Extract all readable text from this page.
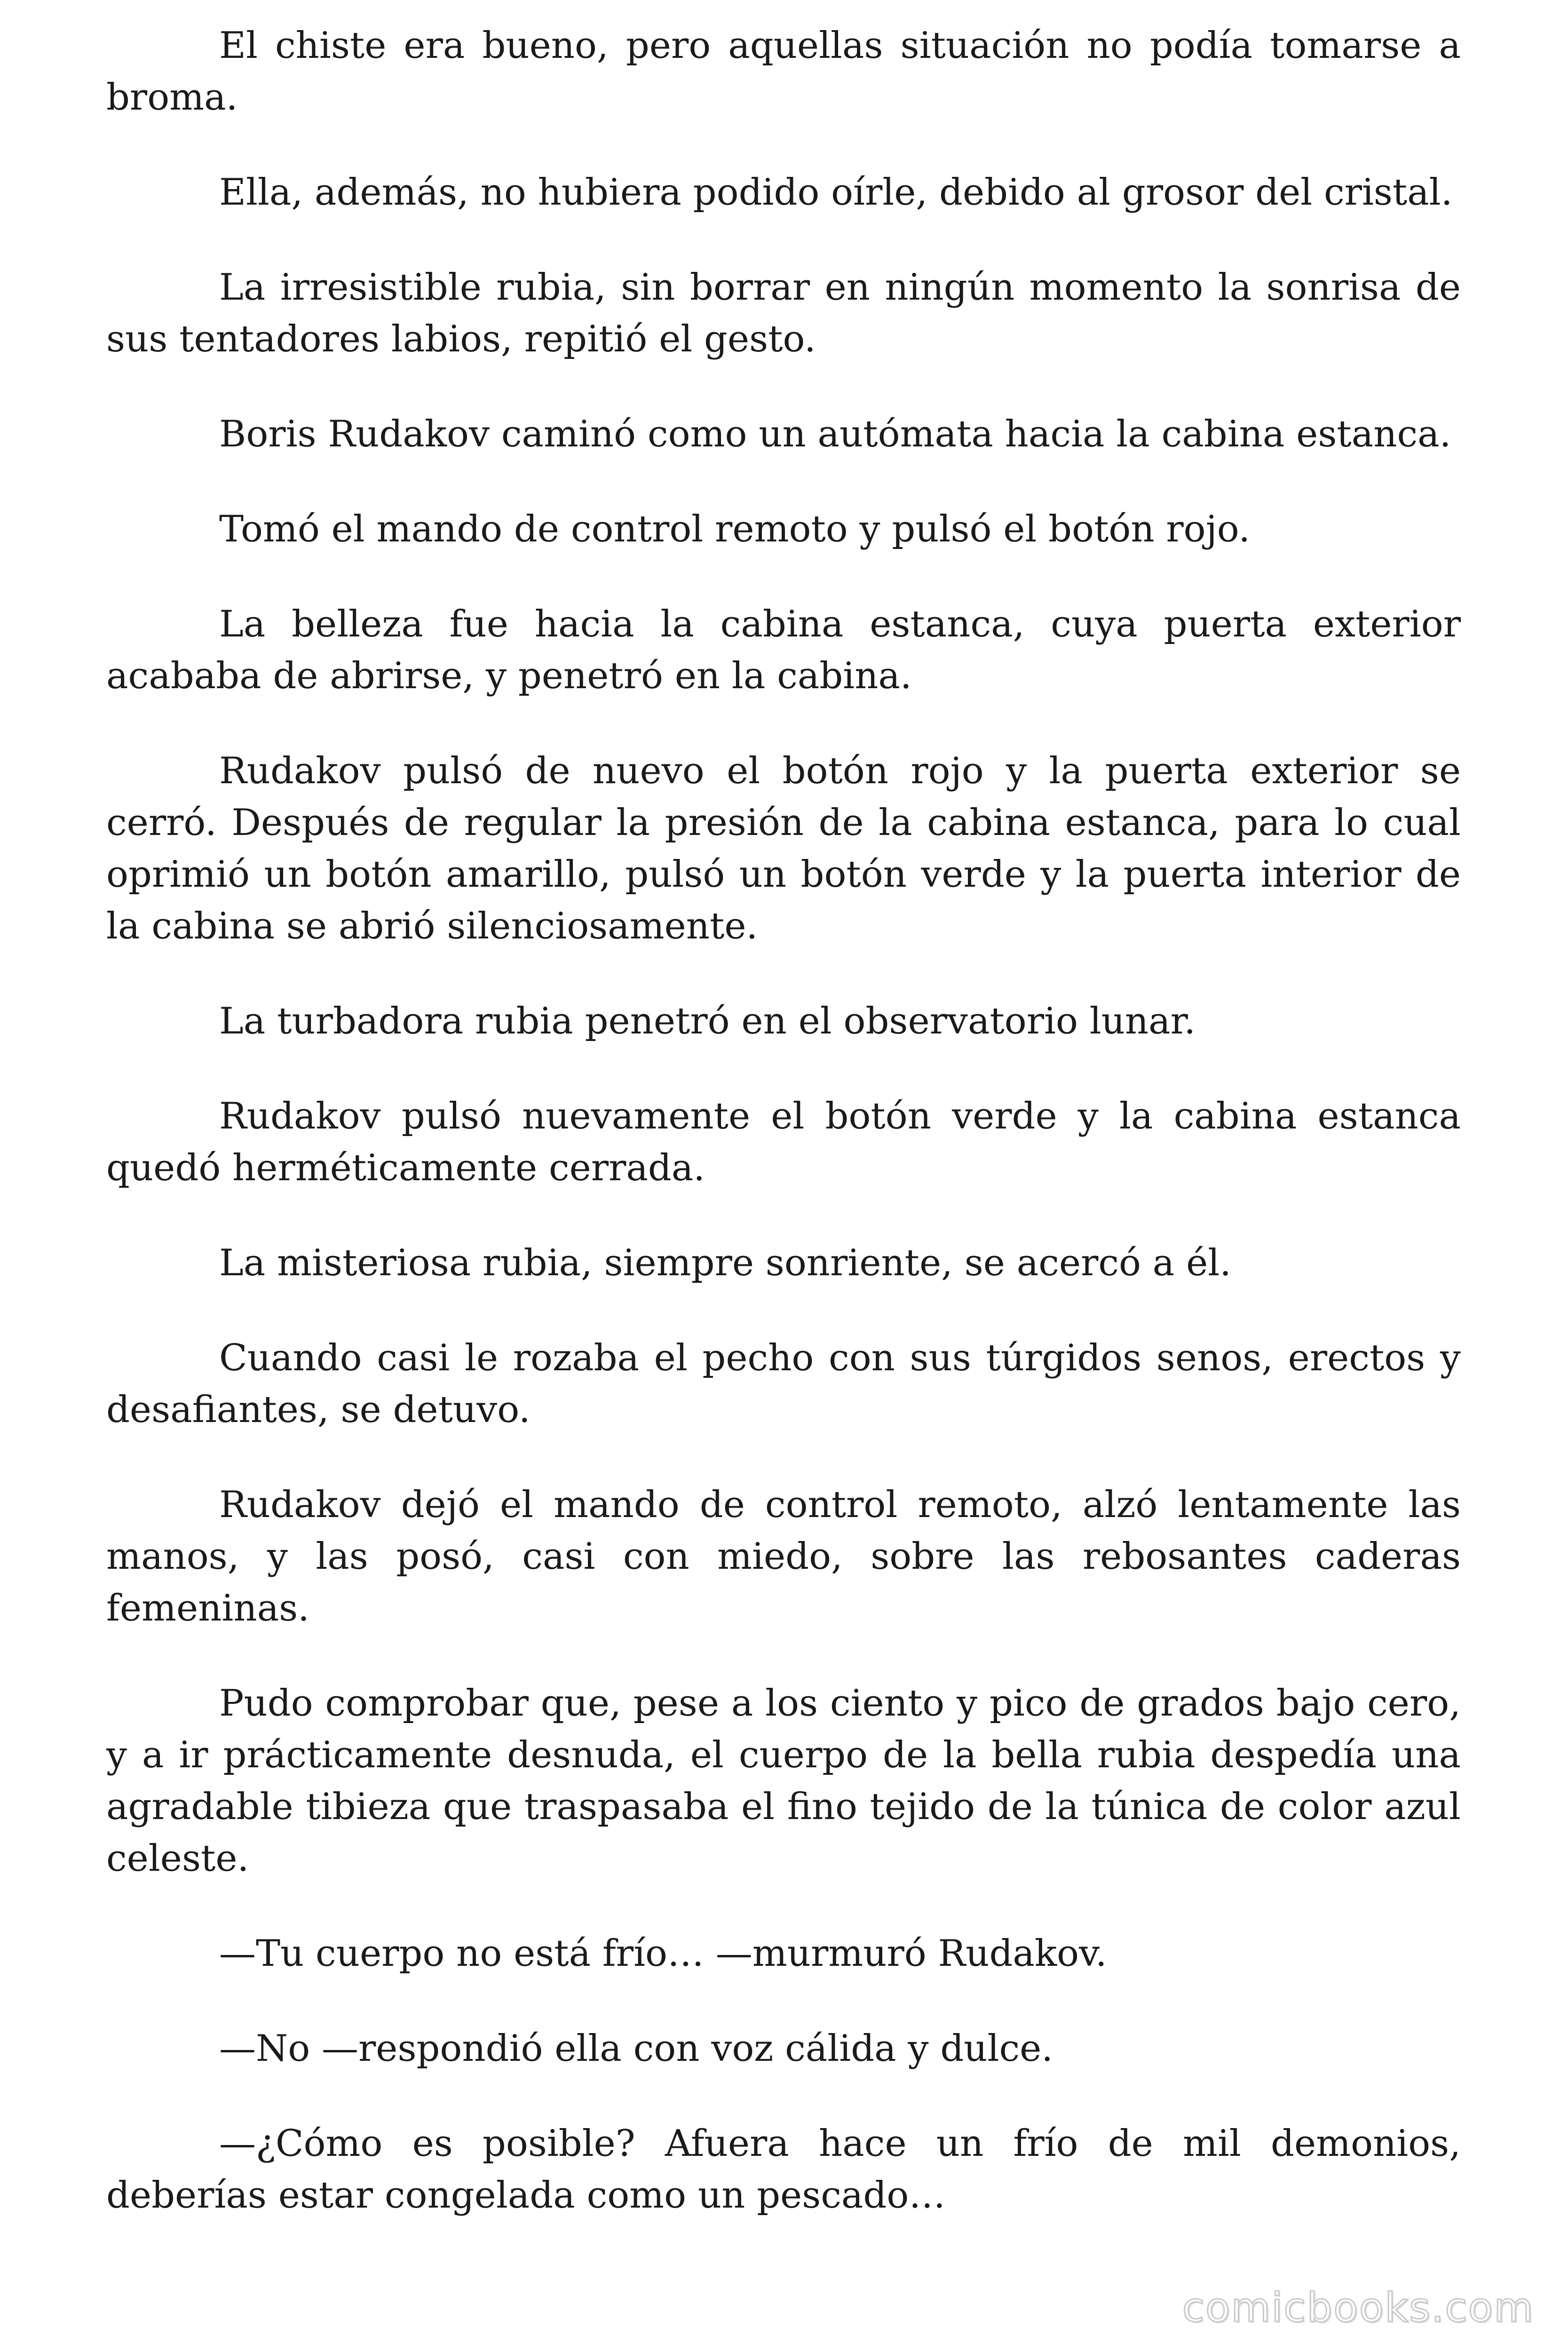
El chiste era bueno, pero aquellas situación no podía tomarse a broma.

Ella, además, no hubiera podido oírle, debido al grosor del cristal.

La irresistible rubia, sin borrar en ningún momento la sonrisa de sus tentadores labios, repitió el gesto.

Boris Rudakov caminó como un autómata hacia la cabina estanca.

Tomó el mando de control remoto y pulsó el botón rojo.

La belleza fue hacia la cabina estanca, cuya puerta exterior acababa de abrirse, y penetró en la cabina.

Rudakov pulsó de nuevo el botón rojo y la puerta exterior se cerró. Después de regular la presión de la cabina estanca, para lo cual oprimió un botón amarillo, pulsó un botón verde y la puerta interior de la cabina se abrió silenciosamente.

La turbadora rubia penetró en el observatorio lunar.

Rudakov pulsó nuevamente el botón verde y la cabina estanca quedó herméticamente cerrada.

La misteriosa rubia, siempre sonriente, se acercó a él.

Cuando casi le rozaba el pecho con sus túrgidos senos, erectos y desafiantes, se detuvo.

Rudakov dejó el mando de control remoto, alzó lentamente las manos, y las posó, casi con miedo, sobre las rebosantes caderas femeninas.

Pudo comprobar que, pese a los ciento y pico de grados bajo cero, y a ir prácticamente desnuda, el cuerpo de la bella rubia despedía una agradable tibieza que traspasaba el fino tejido de la túnica de color azul celeste.

—Tu cuerpo no está frío… —murmuró Rudakov.

—No —respondió ella con voz cálida y dulce.

—¿Cómo es posible? Afuera hace un frío de mil demonios, deberías estar congelada como un pescado…

comicbooks.com
